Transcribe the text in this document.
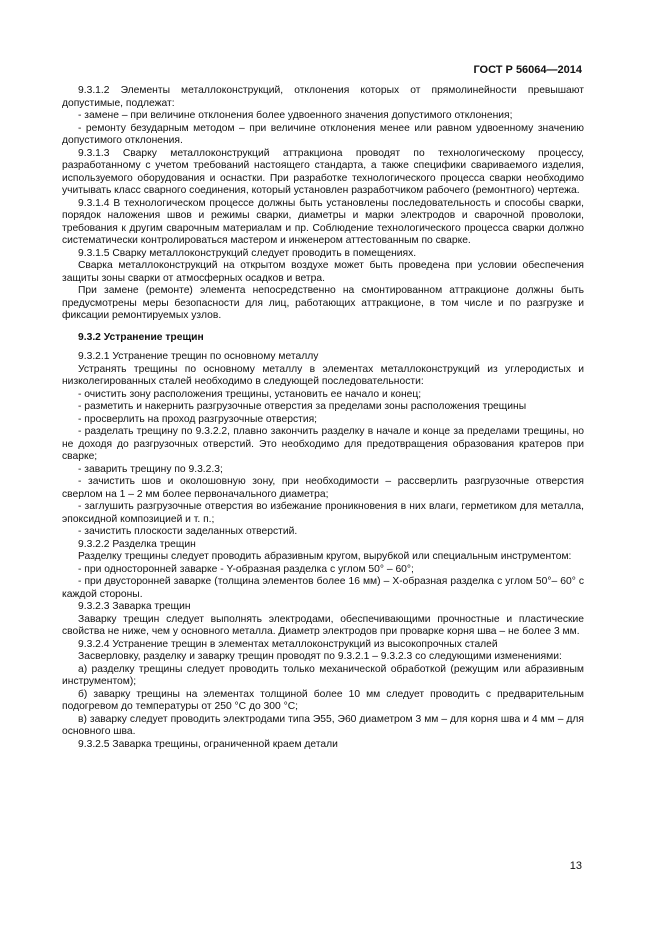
ГОСТ Р 56064—2014

9.3.1.2 Элементы металлоконструкций, отклонения которых от прямолинейности превышают допустимые, подлежат:

- замене – при величине отклонения более удвоенного значения допустимого отклонения;

- ремонту безударным методом – при величине отклонения менее или равном удвоенному значению допустимого отклонения.

9.3.1.3 Сварку металлоконструкций аттракциона проводят по технологическому процессу, разработанному с учетом требований настоящего стандарта, а также специфики свариваемого изделия, используемого оборудования и оснастки. При разработке технологического процесса сварки необходимо учитывать класс сварного соединения, который установлен разработчиком рабочего (ремонтного) чертежа.

9.3.1.4 В технологическом процессе должны быть установлены последовательность и способы сварки, порядок наложения швов и режимы сварки, диаметры и марки электродов и сварочной проволоки, требования к другим сварочным материалам и пр. Соблюдение технологического процесса сварки должно систематически контролироваться мастером и инженером аттестованным по сварке.

9.3.1.5 Сварку металлоконструкций следует проводить в помещениях.

Сварка металлоконструкций на открытом воздухе может быть проведена при условии обеспечения защиты зоны сварки от атмосферных осадков и ветра.

При замене (ремонте) элемента непосредственно на смонтированном аттракционе должны быть предусмотрены меры безопасности для лиц, работающих аттракционе, в том числе и по разгрузке и фиксации ремонтируемых узлов.

9.3.2 Устранение трещин

9.3.2.1 Устранение трещин по основному металлу

Устранять трещины по основному металлу в элементах металлоконструкций из углеродистых и низколегированных сталей необходимо в следующей последовательности:

- очистить зону расположения трещины, установить ее начало и конец;

- разметить и накернить разгрузочные отверстия за пределами зоны расположения трещины

- просверлить на проход разгрузочные отверстия;

- разделать трещину по 9.3.2.2, плавно закончить разделку в начале и конце за пределами трещины, но не доходя до разгрузочных отверстий. Это необходимо для предотвращения образования кратеров при сварке;

- заварить трещину по 9.3.2.3;

- зачистить шов и околошовную зону, при необходимости – рассверлить разгрузочные отверстия сверлом на 1 – 2 мм более первоначального диаметра;

- заглушить разгрузочные отверстия во избежание проникновения в них влаги, герметиком для металла, эпоксидной композицией и т. п.;

- зачистить плоскости заделанных отверстий.

9.3.2.2 Разделка трещин

Разделку трещины следует проводить абразивным кругом, вырубкой или специальным инструментом:

- при односторонней заварке - Y-образная разделка с углом 50° – 60°;

- при двусторонней заварке (толщина элементов более 16 мм) – X-образная разделка с углом 50°– 60° с каждой стороны.

9.3.2.3 Заварка трещин

Заварку трещин следует выполнять электродами, обеспечивающими прочностные и пластические свойства не ниже, чем у основного металла. Диаметр электродов при проварке корня шва – не более 3 мм.

9.3.2.4 Устранение трещин в элементах металлоконструкций из высокопрочных сталей

Засверловку, разделку и заварку трещин проводят по 9.3.2.1 – 9.3.2.3 со следующими изменениями:

а) разделку трещины следует проводить только механической обработкой (режущим или абразивным инструментом);

б) заварку трещины на элементах толщиной более 10 мм следует проводить с предварительным подогревом до температуры от 250 °С до 300 °С;

в) заварку следует проводить электродами типа Э55, Э60 диаметром 3 мм – для корня шва и 4 мм – для основного шва.

9.3.2.5 Заварка трещины, ограниченной краем детали

13
